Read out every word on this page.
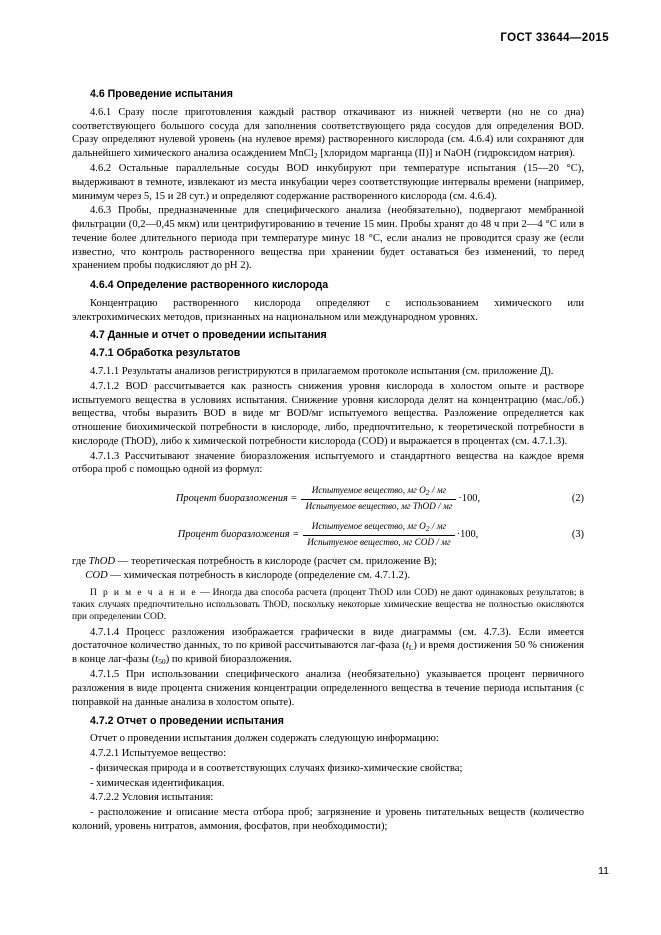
ГОСТ 33644—2015
4.6 Проведение испытания

4.6.1 Сразу после приготовления каждый раствор откачивают из нижней четверти (но не со дна) соответствующего большого сосуда для заполнения соответствующего ряда сосудов для определения BOD. Сразу определяют нулевой уровень (на нулевое время) растворенного кислорода (см. 4.6.4) или сохраняют для дальнейшего химического анализа осаждением MnCl$_2$ [хлоридом марганца (II)] и NaOH (гидроксидом натрия).

4.6.2 Остальные параллельные сосуды BOD инкубируют при температуре испытания (15—20 °С), выдерживают в темноте, извлекают из места инкубации через соответствующие интервалы времени (например, минимум через 5, 15 и 28 сут.) и определяют содержание растворенного кислорода (см. 4.6.4).

4.6.3 Пробы, предназначенные для специфического анализа (необязательно), подвергают мембранной фильтрации (0,2—0,45 мкм) или центрифугированию в течение 15 мин. Пробы хранят до 48 ч при 2—4 °С или в течение более длительного периода при температуре минус 18 °С, если анализ не проводится сразу же (если известно, что контроль растворенного вещества при хранении будет оставаться без изменений, то перед хранением пробы подкисляют до pH 2).

4.6.4 Определение растворенного кислорода

Концентрацию растворенного кислорода определяют с использованием химического или электрохимических методов, признанных на национальном или международном уровнях.

4.7 Данные и отчет о проведении испытания
4.7.1 Обработка результатов

4.7.1.1 Результаты анализов регистрируются в прилагаемом протоколе испытания (см. приложение Д).

4.7.1.2 BOD рассчитывается как разность снижения уровня кислорода в холостом опыте и растворе испытуемого вещества в условиях испытания. Снижение уровня кислорода делят на концентрацию (мас./об.) вещества, чтобы выразить BOD в виде мг BOD/мг испытуемого вещества. Разложение определяется как отношение биохимической потребности в кислороде, либо, предпочтительно, к теоретической потребности в кислороде (ThOD), либо к химической потребности кислорода (COD) и выражается в процентах (см. 4.7.1.3).

4.7.1.3 Рассчитывают значение биоразложения испытуемого и стандартного вещества на каждое время отбора проб с помощью одной из формул:

Процент биоразложения = $\frac{Испытуемое вещество, мг O_2 / мг}{\text{Испытуемое вещество, мг ThOD / мг}} \cdot 100$,	(2)
Процент биоразложения = $\frac{Испытуемое вещество, мг O_2 / мг}{\text{Испытуемое вещество, мг COD / мг}} \cdot 100$,	(3)

где ThOD — теоретическая потребность в кислороде (расчет см. приложение В);

COD — химическая потребность в кислороде (определение см. 4.7.1.2).

П р и м е ч а н и е — Иногда два способа расчета (процент ThOD или COD) не дают одинаковых результатов; в таких случаях предпочтительно использовать ThOD, поскольку некоторые химические вещества не полностью окисляются при определении COD.

4.7.1.4 Процесс разложения изображается графически в виде диаграммы (см. 4.7.3). Если имеется достаточное количество данных, то по кривой рассчитываются лаг-фаза $(t_L)$ и время достижения 50 % снижения в конце лаг-фазы $(t_{50})$ по кривой биоразложения.

4.7.1.5 При использовании специфического анализа (необязательно) указывается процент первичного разложения в виде процента снижения концентрации определенного вещества в течение периода испытания (с поправкой на данные анализа в холостом опыте).

4.7.2 Отчет о проведении испытания

Отчет о проведении испытания должен содержать следующую информацию:

4.7.2.1 Испытуемое вещество:

- физическая природа и в соответствующих случаях физико-химические свойства;

- химическая идентификация.

4.7.2.2 Условия испытания:

- расположение и описание места отбора проб; загрязнение и уровень питательных веществ (количество колоний, уровень нитратов, аммония, фосфатов, при необходимости);

11
